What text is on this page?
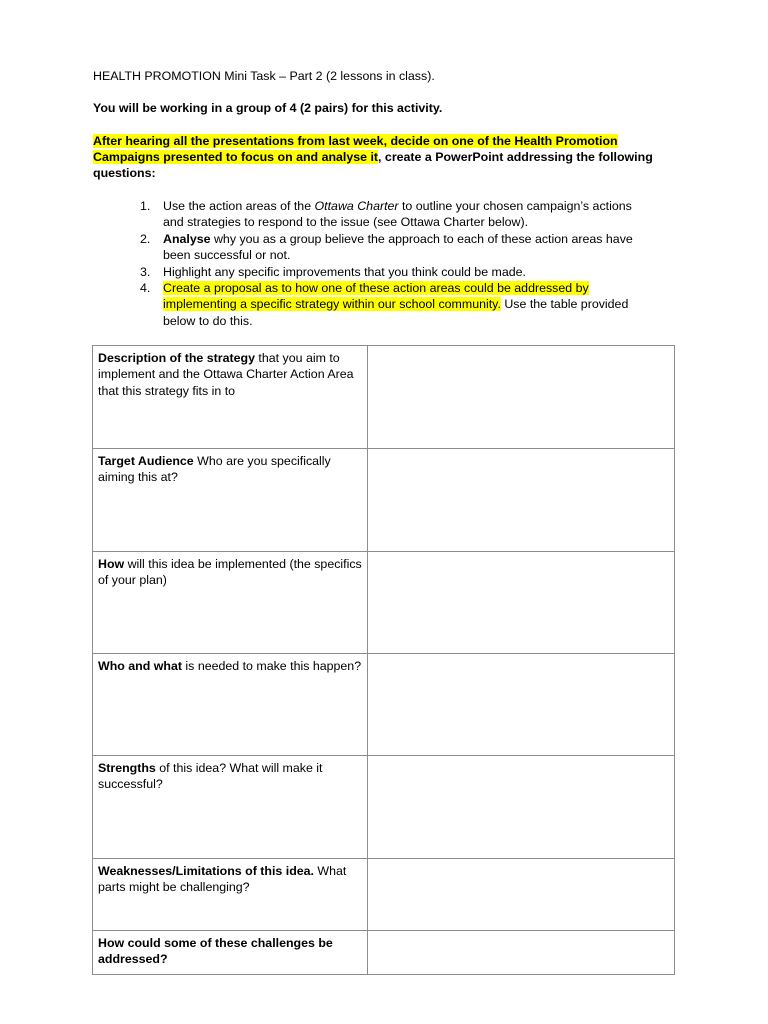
HEALTH PROMOTION Mini Task – Part 2 (2 lessons in class).
You will be working in a group of 4 (2 pairs) for this activity.
After hearing all the presentations from last week, decide on one of the Health Promotion
Campaigns presented to focus on and analyse it, create a PowerPoint addressing the following
questions:
1. Use the action areas of the Ottawa Charter to outline your chosen campaign’s actions

and strategies to respond to the issue (see Ottawa Charter below).

2. Analyse why you as a group believe the approach to each of these action areas have

been successful or not.

3. Highlight any specific improvements that you think could be made.

4. Create a proposal as to how one of these action areas could be addressed by

implementing a specific strategy within our school community. Use the table provided

below to do this.

Description of the strategy that you aim to implement and the Ottawa Charter Action Area that this strategy fits in to	
Target Audience Who are you specifically aiming this at?	
How will this idea be implemented (the specifics of your plan)	
Who and what is needed to make this happen?	
Strengths of this idea? What will make it successful?	
Weaknesses/Limitations of this idea. What parts might be challenging?	
How could some of these challenges be addressed?	
